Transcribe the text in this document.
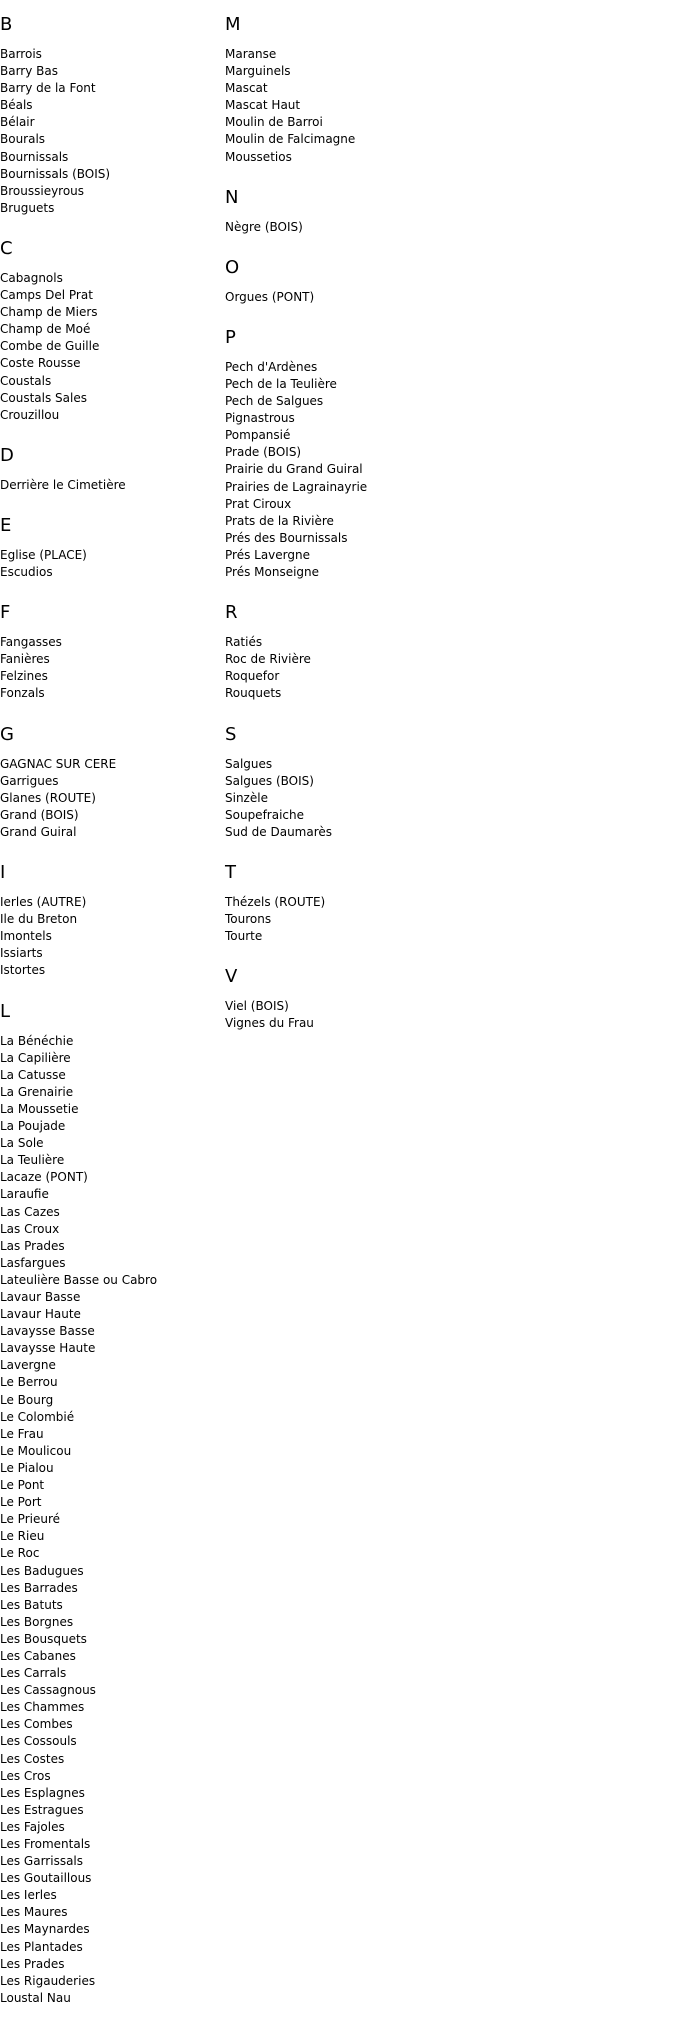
B
Barrois
Barry Bas
Barry de la Font
Béals
Bélair
Bourals
Bournissals
Bournissals (BOIS)
Broussieyrous
Bruguets
C
Cabagnols
Camps Del Prat
Champ de Miers
Champ de Moé
Combe de Guille
Coste Rousse
Coustals
Coustals Sales
Crouzillou
D
Derrière le Cimetière
E
Eglise (PLACE)
Escudios
F
Fangasses
Fanières
Felzines
Fonzals
G
GAGNAC SUR CERE
Garrigues
Glanes (ROUTE)
Grand (BOIS)
Grand Guiral
I
Ierles (AUTRE)
Ile du Breton
Imontels
Issiarts
Istortes
L
La Bénéchie
La Capilière
La Catusse
La Grenairie
La Moussetie
La Poujade
La Sole
La Teulière
Lacaze (PONT)
Laraufie
Las Cazes
Las Croux
Las Prades
Lasfargues
Lateulière Basse ou Cabro
Lavaur Basse
Lavaur Haute
Lavaysse Basse
Lavaysse Haute
Lavergne
Le Berrou
Le Bourg
Le Colombié
Le Frau
Le Moulicou
Le Pialou
Le Pont
Le Port
Le Prieuré
Le Rieu
Le Roc
Les Badugues
Les Barrades
Les Batuts
Les Borgnes
Les Bousquets
Les Cabanes
Les Carrals
Les Cassagnous
Les Chammes
Les Combes
Les Cossouls
Les Costes
Les Cros
Les Esplagnes
Les Estragues
Les Fajoles
Les Fromentals
Les Garrissals
Les Goutaillous
Les Ierles
Les Maures
Les Maynardes
Les Plantades
Les Prades
Les Rigauderies
Loustal Nau
M
Maranse
Marguinels
Mascat
Mascat Haut
Moulin de Barroi
Moulin de Falcimagne
Moussetios
N
Nègre (BOIS)
O
Orgues (PONT)
P
Pech d'Ardènes
Pech de la Teulière
Pech de Salgues
Pignastrous
Pompansié
Prade (BOIS)
Prairie du Grand Guiral
Prairies de Lagrainayrie
Prat Ciroux
Prats de la Rivière
Prés des Bournissals
Prés Lavergne
Prés Monseigne
R
Ratiés
Roc de Rivière
Roquefor
Rouquets
S
Salgues
Salgues (BOIS)
Sinzèle
Soupefraiche
Sud de Daumarès
T
Thézels (ROUTE)
Tourons
Tourte
V
Viel (BOIS)
Vignes du Frau
